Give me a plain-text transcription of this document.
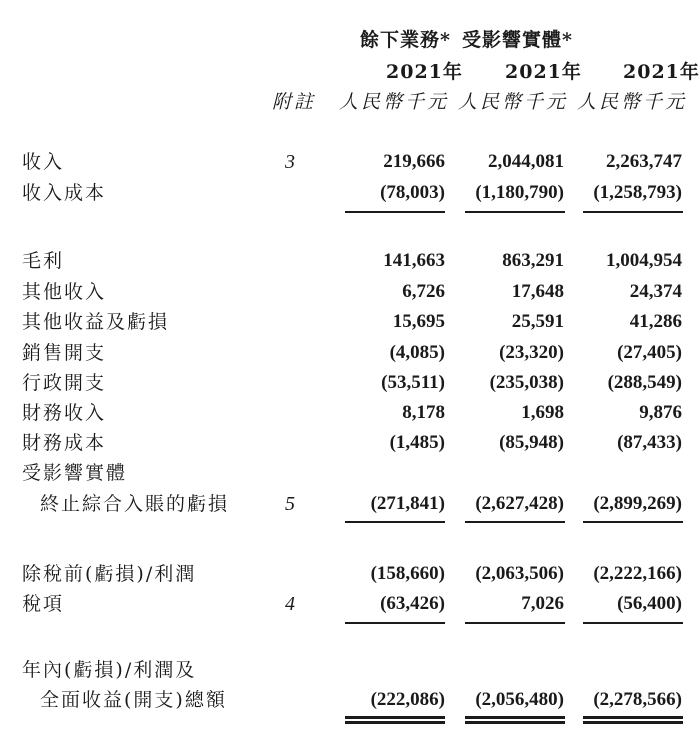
餘下業務* 受影響實體*
2021年 2021年 2021年
附註 人民幣千元 人民幣千元 人民幣千元
收入	3	219,666 2,044,081 2,263,747
收入成本	(78,003) (1,180,790) (1,258,793)
毛利	141,663	863,291 1,004,954
其他收入	6,726	17,648	24,374
其他收益及虧損	15,695	25,591	41,286
銷售開支	(4,085)	(23,320)	(27,405)
行政開支	(53,511) (235,038) (288,549)
財務收入	8,178	1,698	9,876
財務成本	(1,485)	(85,948)	(87,433)
受影響實體
終止綜合入賬的虧損	5	(271,841) (2,627,428) (2,899,269)
除稅前(虧損)/利潤	(158,660) (2,063,506) (2,222,166)
稅項	4	(63,426)	7,026	(56,400)
年內(虧損)/利潤及
全面收益(開支)總額	(222,086) (2,056,480) (2,278,566)
